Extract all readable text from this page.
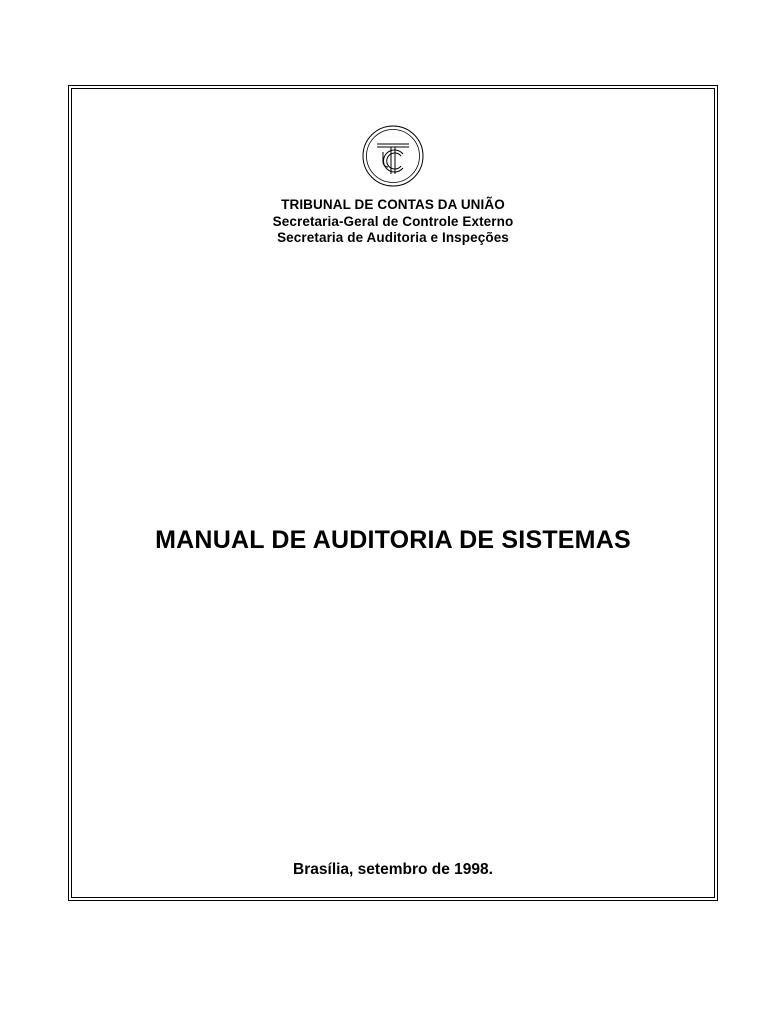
TRIBUNAL DE CONTAS DA UNIÃO
Secretaria-Geral de Controle Externo
Secretaria de Auditoria e Inspeções
MANUAL DE AUDITORIA DE SISTEMAS
Brasília, setembro de 1998.
